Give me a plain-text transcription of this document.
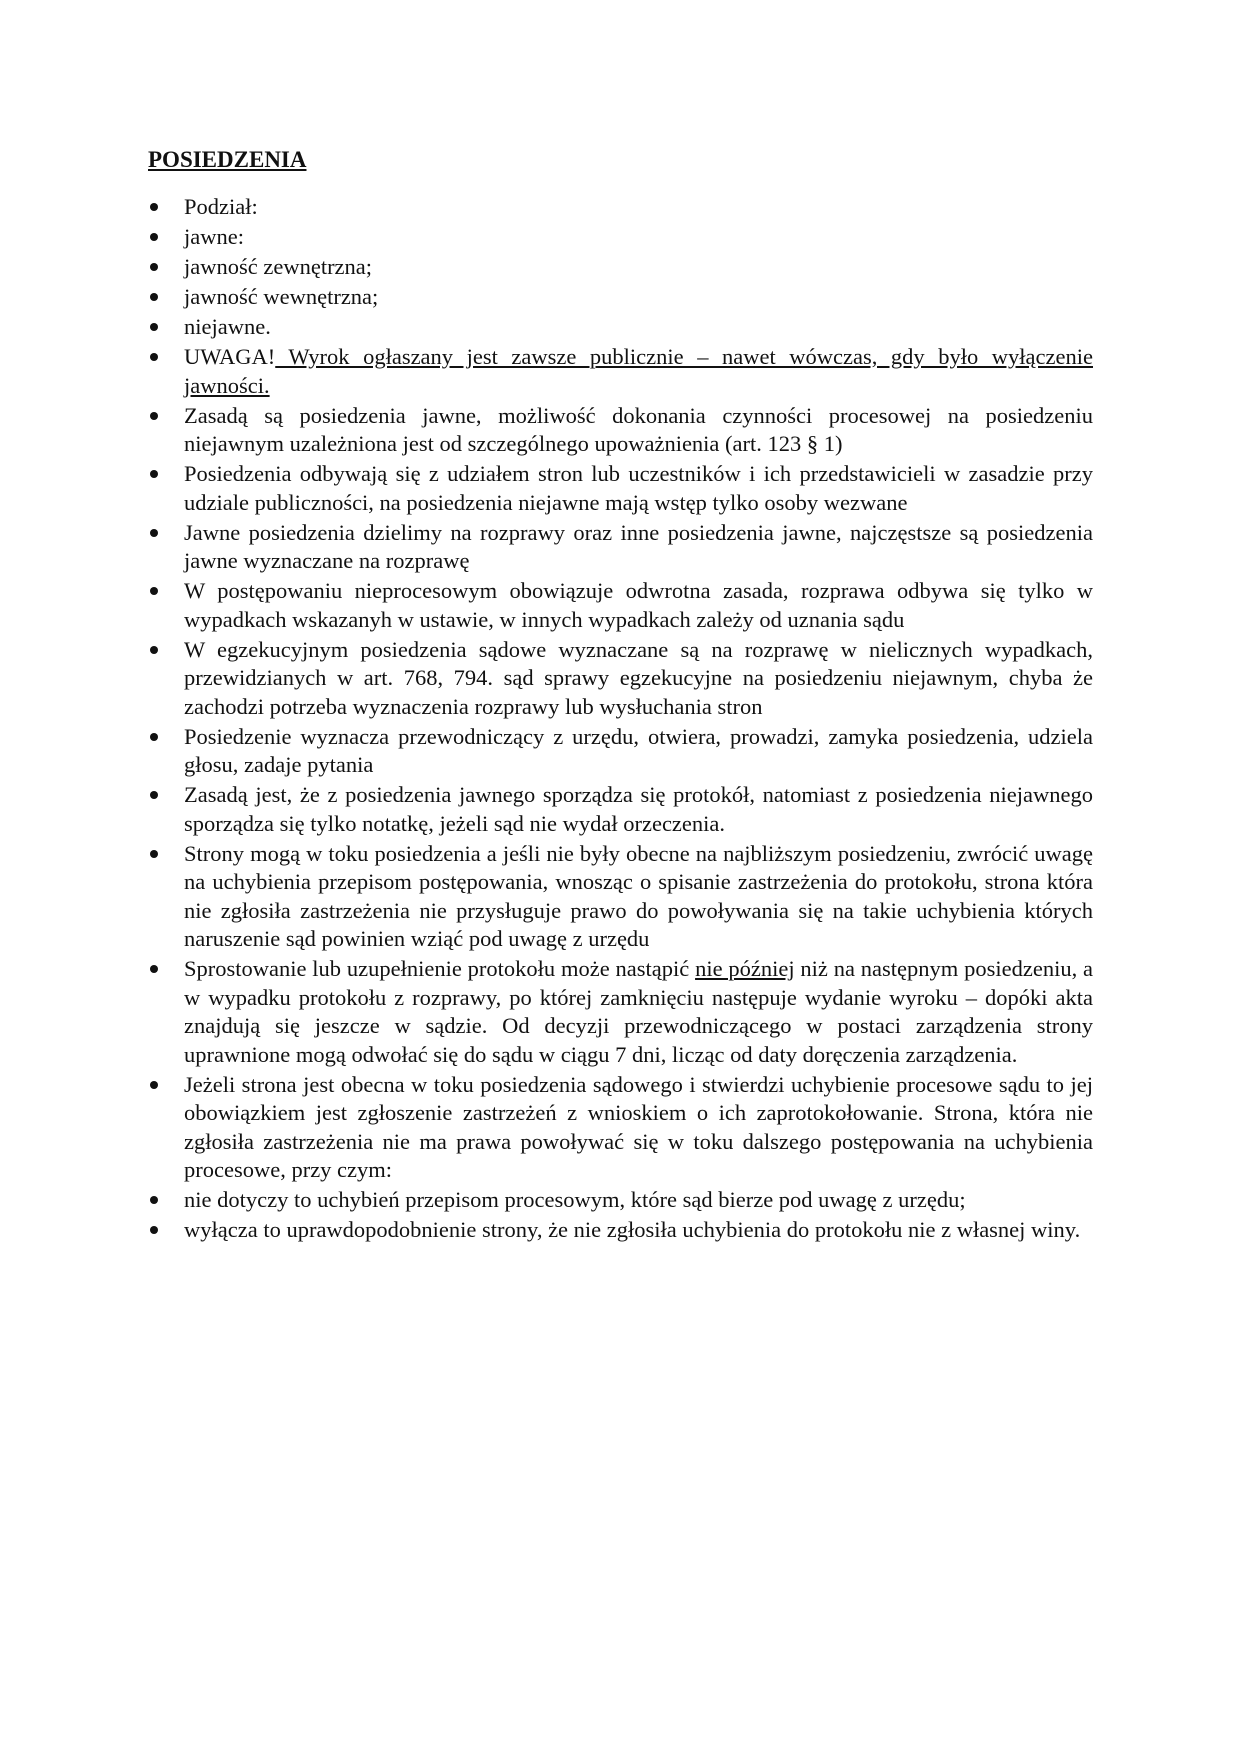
POSIEDZENIA
Podział:
jawne:
jawność zewnętrzna;
jawność wewnętrzna;
niejawne.
UWAGA! Wyrok ogłaszany jest zawsze publicznie – nawet wówczas, gdy było wyłączenie jawności.
Zasadą są posiedzenia jawne, możliwość dokonania czynności procesowej na posiedzeniu niejawnym uzależniona jest od szczególnego upoważnienia (art. 123 § 1)
Posiedzenia odbywają się z udziałem stron lub uczestników i ich przedstawicieli w zasadzie przy udziale publiczności, na posiedzenia niejawne mają wstęp tylko osoby wezwane
Jawne posiedzenia dzielimy na rozprawy oraz inne posiedzenia jawne, najczęstsze są posiedzenia jawne wyznaczane na rozprawę
W postępowaniu nieprocesowym obowiązuje odwrotna zasada, rozprawa odbywa się tylko w wypadkach wskazanyh w ustawie, w innych wypadkach zależy od uznania sądu
W egzekucyjnym posiedzenia sądowe wyznaczane są na rozprawę w nielicznych wypadkach, przewidzianych w art. 768, 794. sąd sprawy egzekucyjne na posiedzeniu niejawnym, chyba że zachodzi potrzeba wyznaczenia rozprawy lub wysłuchania stron
Posiedzenie wyznacza przewodniczący z urzędu, otwiera, prowadzi, zamyka posiedzenia, udziela głosu, zadaje pytania
Zasadą jest, że z posiedzenia jawnego sporządza się protokół, natomiast z posiedzenia niejawnego sporządza się tylko notatkę, jeżeli sąd nie wydał orzeczenia.
Strony mogą w toku posiedzenia a jeśli nie były obecne na najbliższym posiedzeniu, zwrócić uwagę na uchybienia przepisom postępowania, wnosząc o spisanie zastrzeżenia do protokołu, strona która nie zgłosiła zastrzeżenia nie przysługuje prawo do powoływania się na takie uchybienia których naruszenie sąd powinien wziąć pod uwagę z urzędu
Sprostowanie lub uzupełnienie protokołu może nastąpić nie później niż na następnym posiedzeniu, a w wypadku protokołu z rozprawy, po której zamknięciu następuje wydanie wyroku – dopóki akta znajdują się jeszcze w sądzie. Od decyzji przewodniczącego w postaci zarządzenia strony uprawnione mogą odwołać się do sądu w ciągu 7 dni, licząc od daty doręczenia zarządzenia.
Jeżeli strona jest obecna w toku posiedzenia sądowego i stwierdzi uchybienie procesowe sądu to jej obowiązkiem jest zgłoszenie zastrzeżeń z wnioskiem o ich zaprotokołowanie. Strona, która nie zgłosiła zastrzeżenia nie ma prawa powoływać się w toku dalszego postępowania na uchybienia procesowe, przy czym:
nie dotyczy to uchybień przepisom procesowym, które sąd bierze pod uwagę z urzędu;
wyłącza to uprawdopodobnienie strony, że nie zgłosiła uchybienia do protokołu nie z własnej winy.
